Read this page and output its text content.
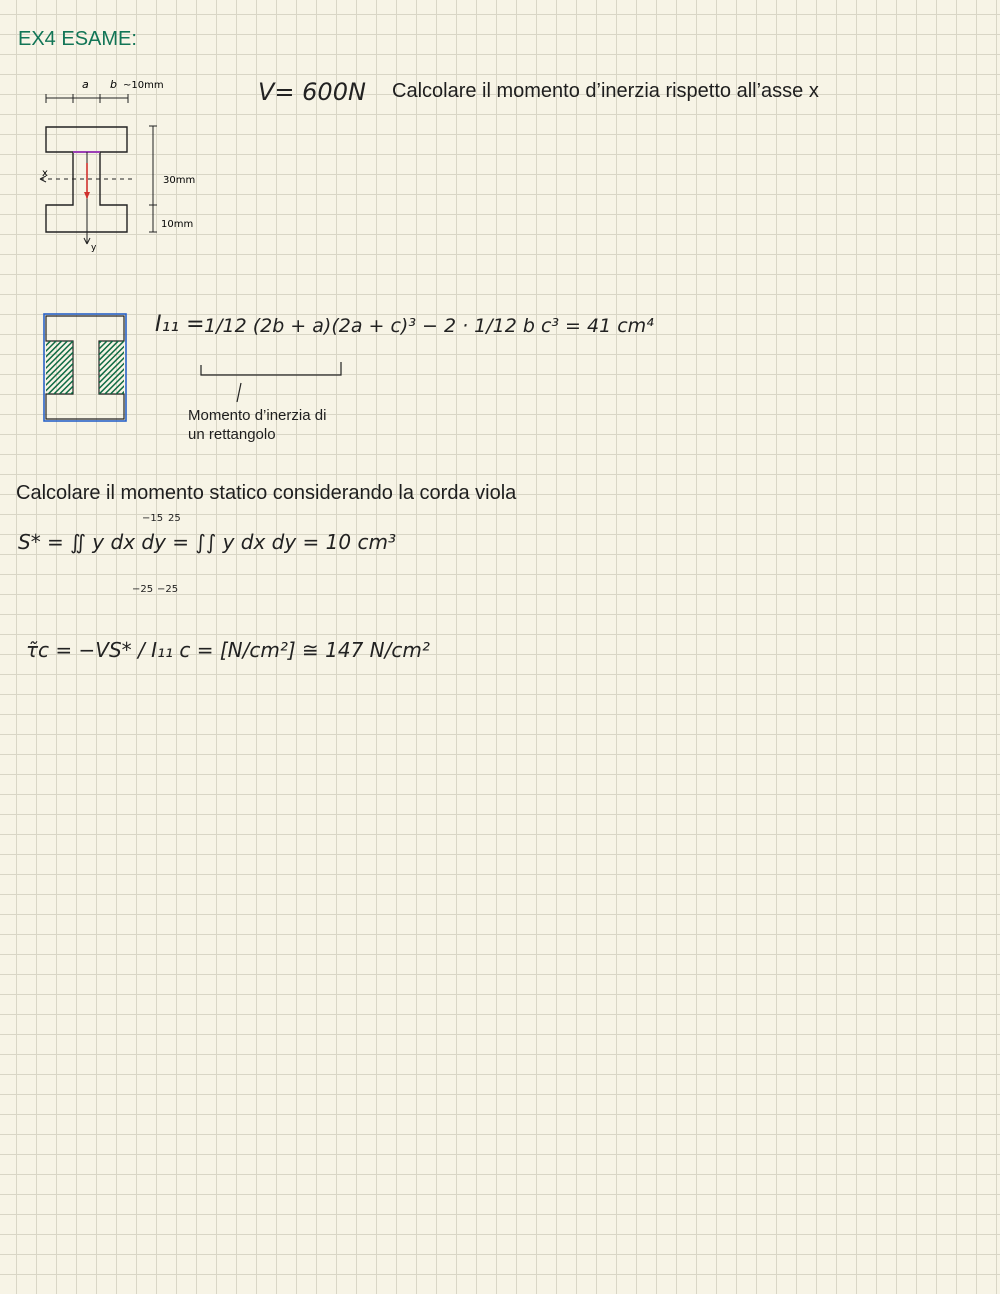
EX4 ESAME:
Calcolare il momento d’inerzia rispetto all’asse x
V= 600N
a b ~10mm
30mm
10mm
x
y
I₁₁ = 1/12 (2b + a)(2a + c)³ − 2 · 1/12 b c³ = 41 cm⁴
Momento d’inerzia di
un rettangolo
Calcolare il momento statico considerando la corda viola
S* = ∬ y dx dy = ∫∫ y dx dy = 10 cm³
−15 25
−25 −25
τ̃c = −VS* / I₁₁ c = [N/cm²] ≅ 147 N/cm²
